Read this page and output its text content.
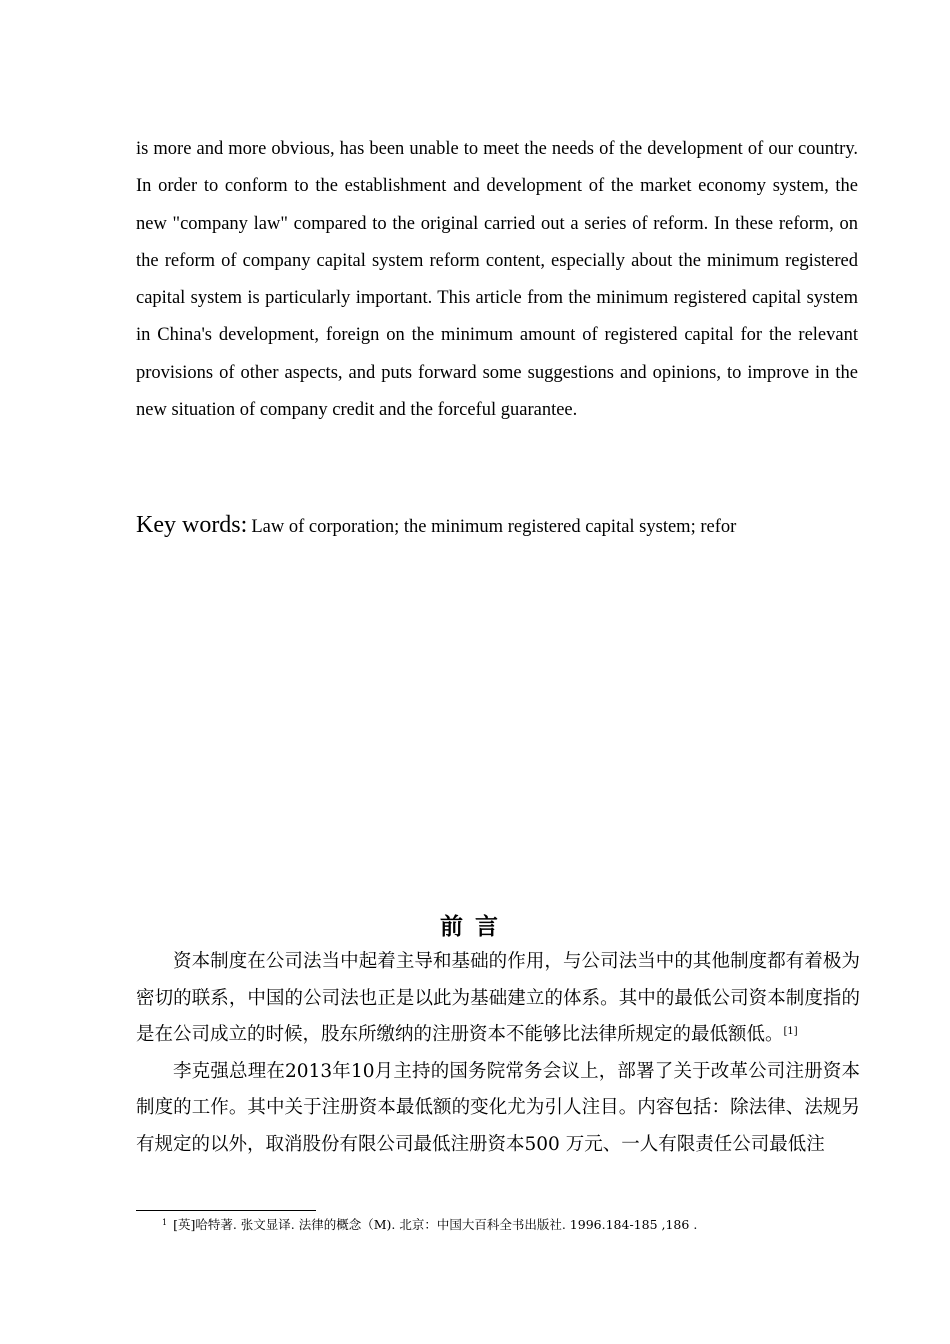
is more and more obvious, has been unable to meet the needs of the development of our country. In order to conform to the establishment and development of the market economy system, the new "company law" compared to the original carried out a series of reform. In these reform, on the reform of company capital system reform content, especially about the minimum registered capital system is particularly important. This article from the minimum registered capital system in China's development, foreign on the minimum amount of registered capital for the relevant provisions of other aspects, and puts forward some suggestions and opinions, to improve in the new situation of company credit and the forceful guarantee.

Key words: Law of corporation; the minimum registered capital system; refor

前言

资本制度在公司法当中起着主导和基础的作用，与公司法当中的其他制度都有着极为密切的联系，中国的公司法也正是以此为基础建立的体系。其中的最低公司资本制度指的是在公司成立的时候，股东所缴纳的注册资本不能够比法律所规定的最低额低。[1]

李克强总理在2013年10月主持的国务院常务会议上，部署了关于改革公司注册资本制度的工作。其中关于注册资本最低额的变化尤为引人注目。内容包括：除法律、法规另有规定的以外，取消股份有限公司最低注册资本500 万元、一人有限责任公司最低注

$^1$ [英]哈特著. 张文显译. 法律的概念（M). 北京：中国大百科全书出版社. 1996.184-185 ,186 .
